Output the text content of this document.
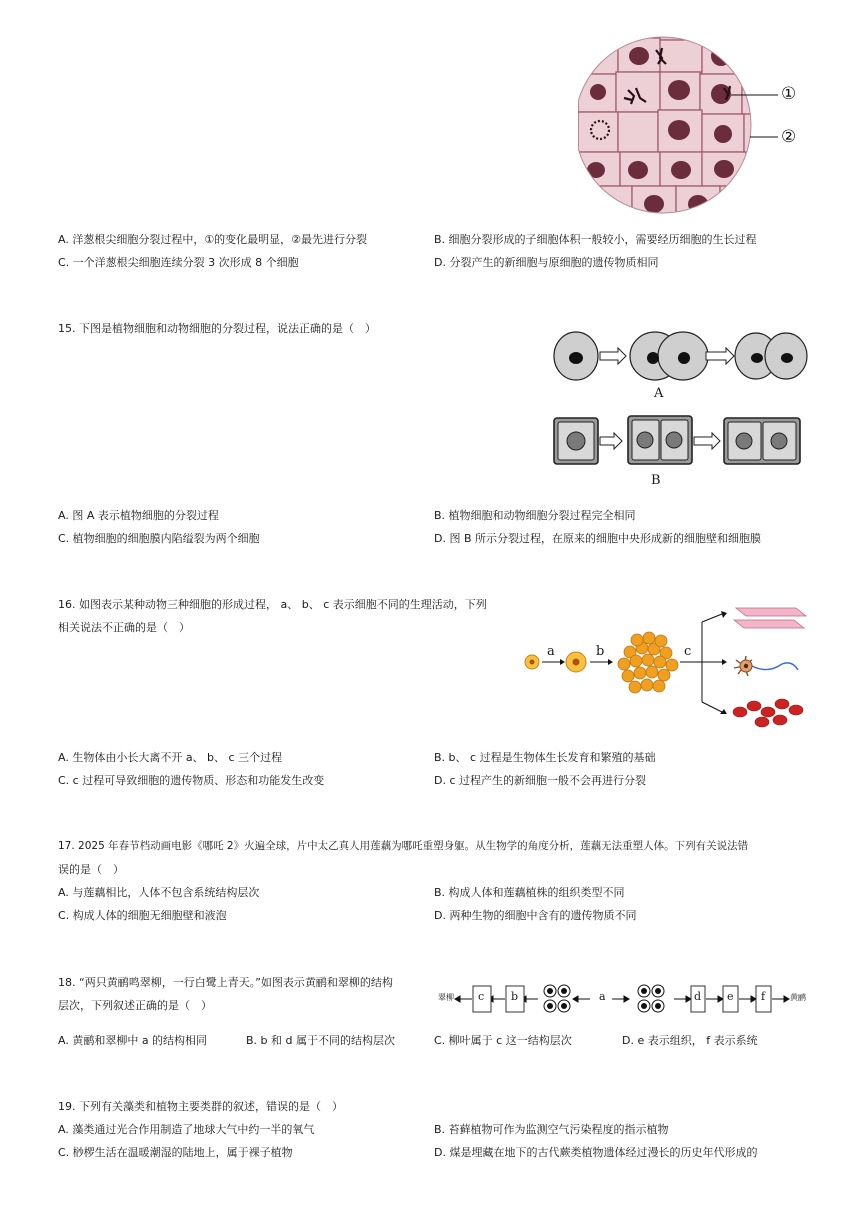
①
②
A. 洋葱根尖细胞分裂过程中，①的变化最明显，②最先进行分裂	B. 细胞分裂形成的子细胞体积一般较小，需要经历细胞的生长过程
C. 一个洋葱根尖细胞连续分裂 3 次形成 8 个细胞	D. 分裂产生的新细胞与原细胞的遗传物质相同
15. 下图是植物细胞和动物细胞的分裂过程，说法正确的是（　）
A
B
A. 图 A 表示植物细胞的分裂过程	B. 植物细胞和动物细胞分裂过程完全相同
C. 植物细胞的细胞膜内陷缢裂为两个细胞	D. 图 B 所示分裂过程，在原来的细胞中央形成新的细胞壁和细胞膜
16. 如图表示某种动物三种细胞的形成过程， a、 b、 c 表示细胞不同的生理活动，下列
相关说法不正确的是（　）
a	b	c
A. 生物体由小长大离不开 a、 b、 c 三个过程	B. b、 c 过程是生物体生长发育和繁殖的基础
C. c 过程可导致细胞的遗传物质、形态和功能发生改变	D. c 过程产生的新细胞一般不会再进行分裂
17. 2025 年春节档动画电影《哪吒 2》火遍全球，片中太乙真人用莲藕为哪吒重塑身躯。从生物学的角度分析，莲藕无法重塑人体。下列有关说法错
误的是（　）
A. 与莲藕相比，人体不包含系统结构层次	B. 构成人体和莲藕植株的组织类型不同
C. 构成人体的细胞无细胞壁和液泡	D. 两种生物的细胞中含有的遗传物质不同
18. “两只黄鹂鸣翠柳，一行白鹭上青天。”如图表示黄鹂和翠柳的结构
层次，下列叙述正确的是（　）
翠柳 c b	a	d e f	黄鹂
A. 黄鹂和翠柳中 a 的结构相同	B. b 和 d 属于不同的结构层次	C. 柳叶属于 c 这一结构层次	D. e 表示组织， f 表示系统
19. 下列有关藻类和植物主要类群的叙述，错误的是（　）
A. 藻类通过光合作用制造了地球大气中约一半的氧气	B. 苔藓植物可作为监测空气污染程度的指示植物
C. 桫椤生活在温暖潮湿的陆地上，属于裸子植物	D. 煤是埋藏在地下的古代蕨类植物遗体经过漫长的历史年代形成的
